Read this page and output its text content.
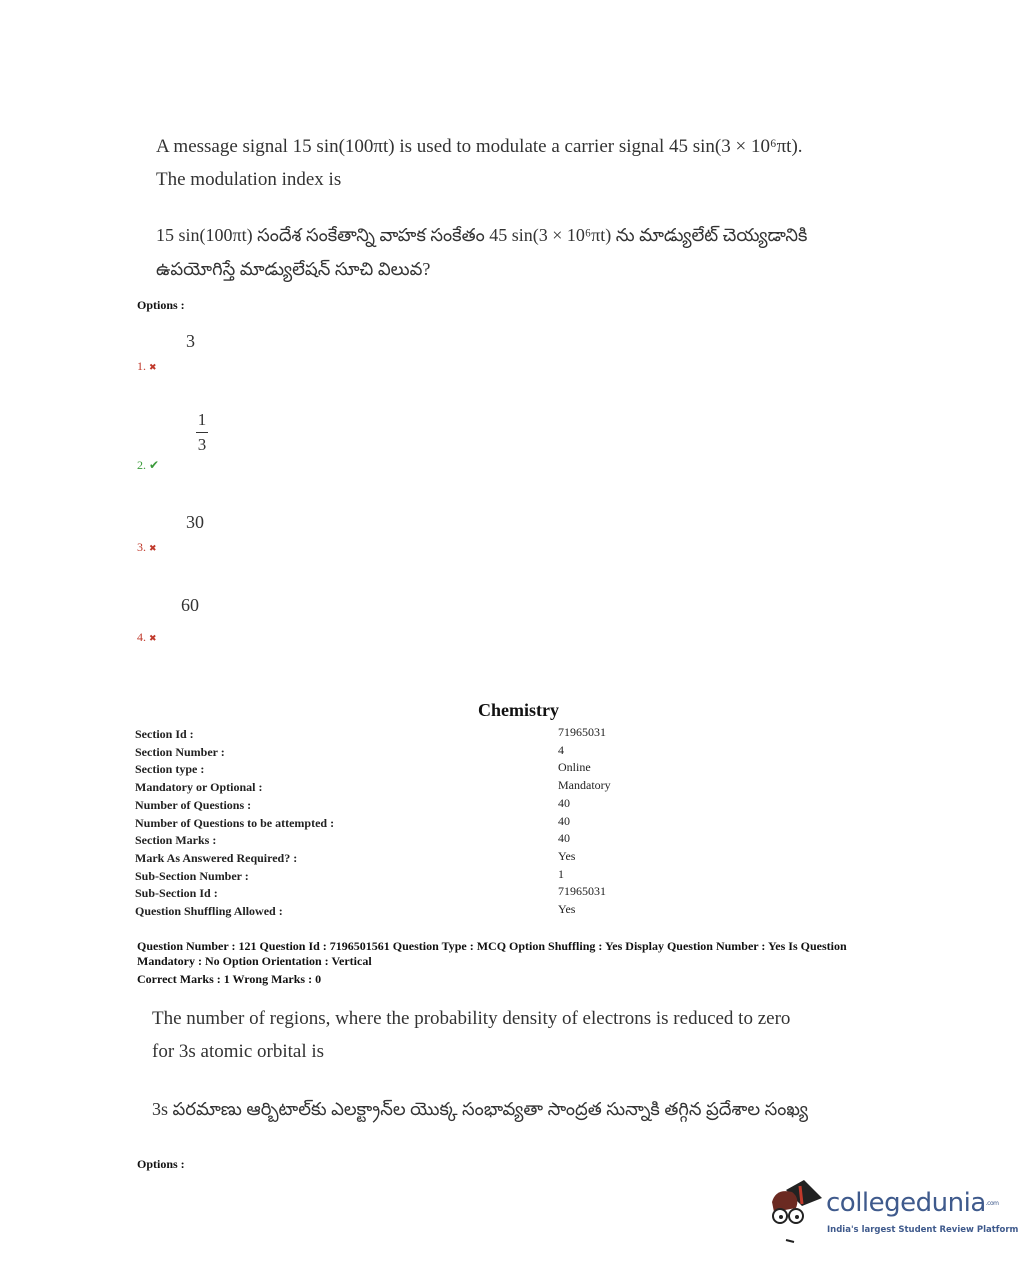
A message signal 15 sin(100πt) is used to modulate a carrier signal 45 sin(3 × 10⁶πt).
The modulation index is
15 sin(100πt) సందేశ సంకేతాన్ని వాహక సంకేతం 45 sin(3 × 10⁶πt) ను మాడ్యులేట్ చెయ్యడానికి
ఉపయోగిస్తే మాడ్యులేషన్ సూచి విలువ?
Options :
3
1. ✖
1
3
2. ✔
30
3. ✖
60
4. ✖
Chemistry
Section Id :	71965031
Section Number :	4
Section type :	Online
Mandatory or Optional :	Mandatory
Number of Questions :	40
Number of Questions to be attempted :	40
Section Marks :	40
Mark As Answered Required? :	Yes
Sub-Section Number :	1
Sub-Section Id :	71965031
Question Shuffling Allowed :	Yes
Question Number : 121 Question Id : 7196501561 Question Type : MCQ Option Shuffling : Yes Display Question Number : Yes Is Question
Mandatory : No Option Orientation : Vertical
Correct Marks : 1 Wrong Marks : 0
The number of regions, where the probability density of electrons is reduced to zero
for 3s atomic orbital is
3s పరమాణు ఆర్బిటాల్‌కు ఎలక్ట్రాన్‌ల యొక్క సంభావ్యతా సాంద్రత సున్నాకి తగ్గిన ప్రదేశాల సంఖ్య
Options :
collegedunia.com
India's largest Student Review Platform
